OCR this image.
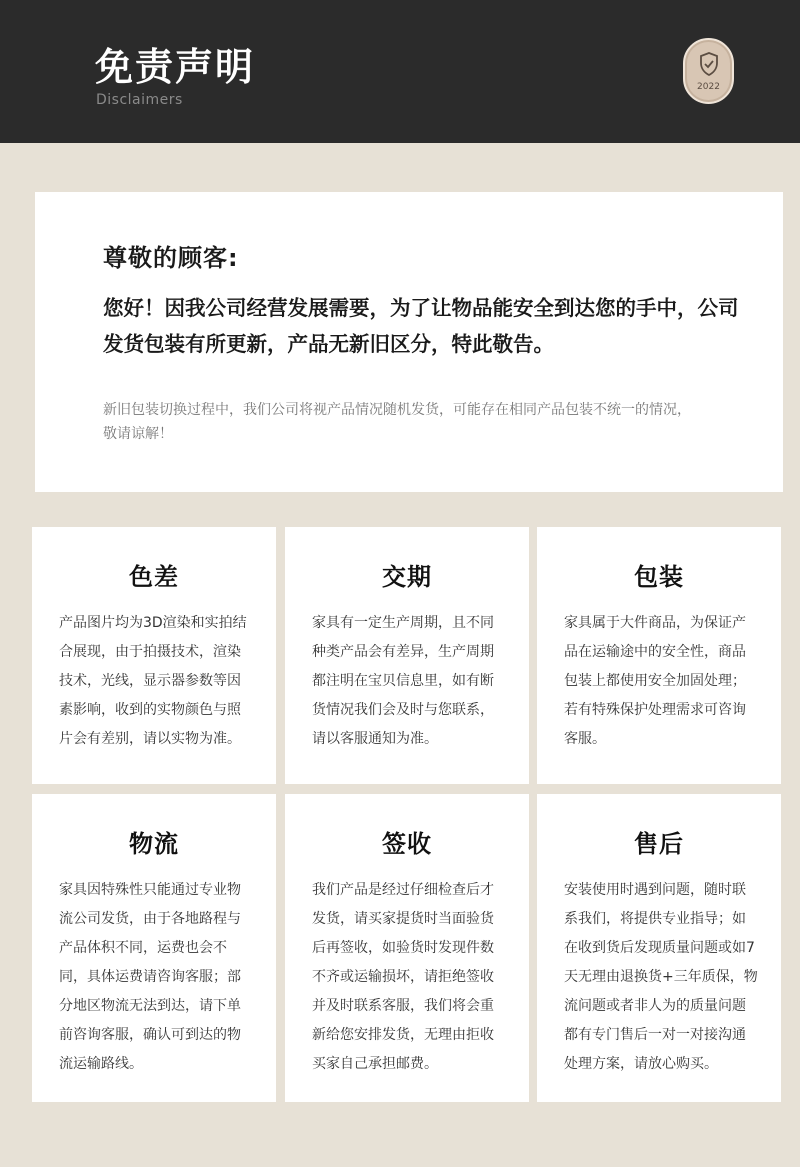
免责声明
Disclaimers
2022
尊敬的顾客:
您好！因我公司经营发展需要，为了让物品能安全到达您的手中，公司发货包装有所更新，产品无新旧区分，特此敬告。
新旧包装切换过程中，我们公司将视产品情况随机发货，可能存在相同产品包装不统一的情况，敬请谅解！
色差
产品图片均为3D渲染和实拍结合展现，由于拍摄技术，渲染技术，光线，显示器参数等因素影响，收到的实物颜色与照片会有差别，请以实物为准。
交期
家具有一定生产周期，且不同种类产品会有差异，生产周期都注明在宝贝信息里，如有断货情况我们会及时与您联系，请以客服通知为准。
包装
家具属于大件商品，为保证产品在运输途中的安全性，商品包装上都使用安全加固处理；若有特殊保护处理需求可咨询客服。
物流
家具因特殊性只能通过专业物流公司发货，由于各地路程与产品体积不同，运费也会不同，具体运费请咨询客服；部分地区物流无法到达，请下单前咨询客服，确认可到达的物流运输路线。
签收
我们产品是经过仔细检查后才发货，请买家提货时当面验货后再签收，如验货时发现件数不齐或运输损坏，请拒绝签收并及时联系客服，我们将会重新给您安排发货，无理由拒收买家自己承担邮费。
售后
安装使用时遇到问题，随时联系我们，将提供专业指导；如在收到货后发现质量问题或如7天无理由退换货+三年质保，物流问题或者非人为的质量问题都有专门售后一对一对接沟通处理方案，请放心购买。
